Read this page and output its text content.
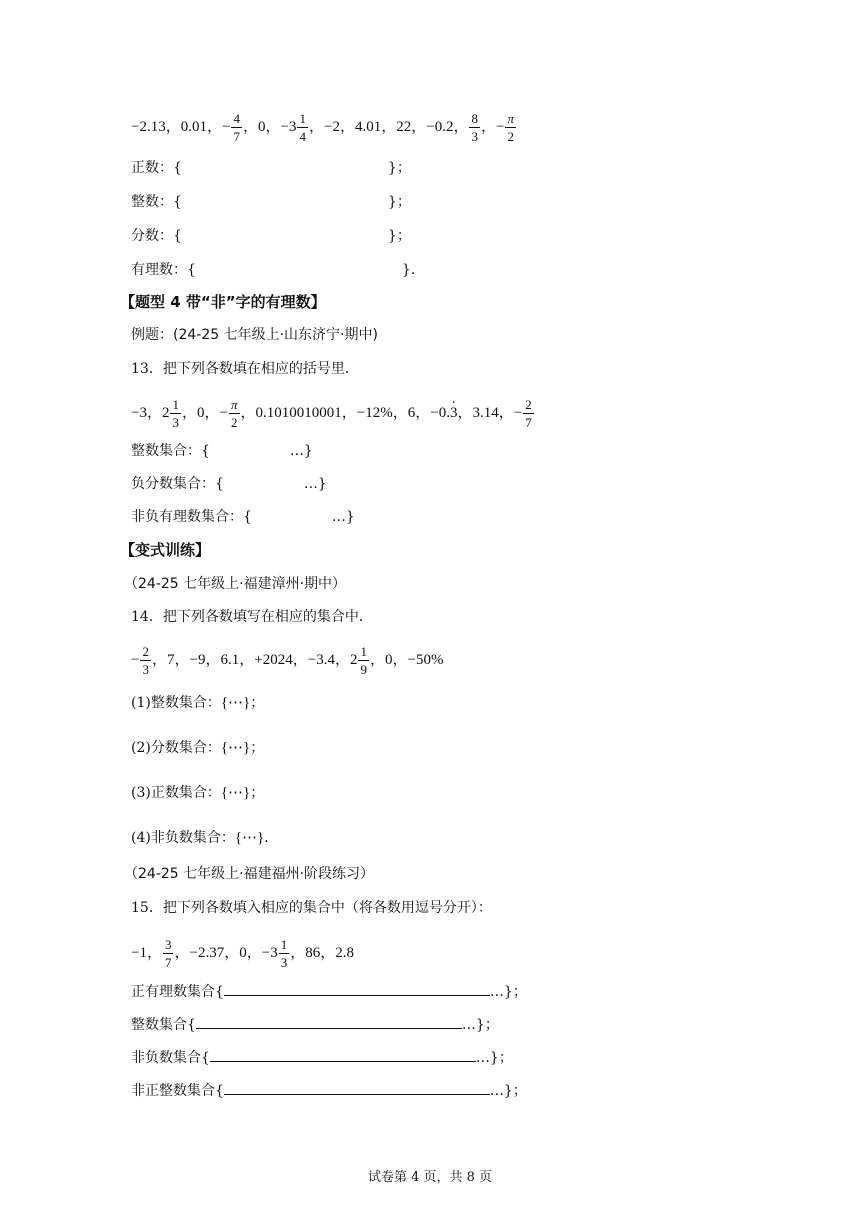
−2.13，0.01，− $\frac{4}{7}$ ，0，$-3 \frac{1}{4}$ ，−2，4.01，22，−0.2， $\frac{8}{3}$ ，− $\frac{\pi}{2}$
正数：{	}；
整数：{	}；
分数：{	}；
有理数：{	}．
【题型 4 带“非”字的有理数】
例题：(24-25 七年级上·山东济宁·期中)
13．把下列各数填在相应的括号里．
−3，$2 \frac{1}{3}$ ，0，− $\frac{\pi}{2}$ ，0.1010010001，−12%，6，−0.3 ·，3.14，− $\frac{2}{7}$
整数集合：{	…}
负分数集合：{	…}
非负有理数集合：{	…}
【变式训练】
（24-25 七年级上·福建漳州·期中）
14．把下列各数填写在相应的集合中．
− $\frac{2}{3}$ ，7，−9，6.1，+2024，−3.4，$2 \frac{1}{9}$ ，0，−50%
(1)整数集合：{⋯}；
(2)分数集合：{⋯}；
(3)正数集合：{⋯}；
(4)非负数集合：{⋯}．
（24-25 七年级上·福建福州·阶段练习）
15．把下列各数填入相应的集合中（将各数用逗号分开）：
−1， $\frac{3}{7}$ ，−2.37，0，$-3 \frac{1}{3}$ ，86，2.8
正有理数集合{	…}；
整数集合{	…}；
非负数集合{	…}；
非正整数集合{	…}；
试卷第 4 页，共 8 页
